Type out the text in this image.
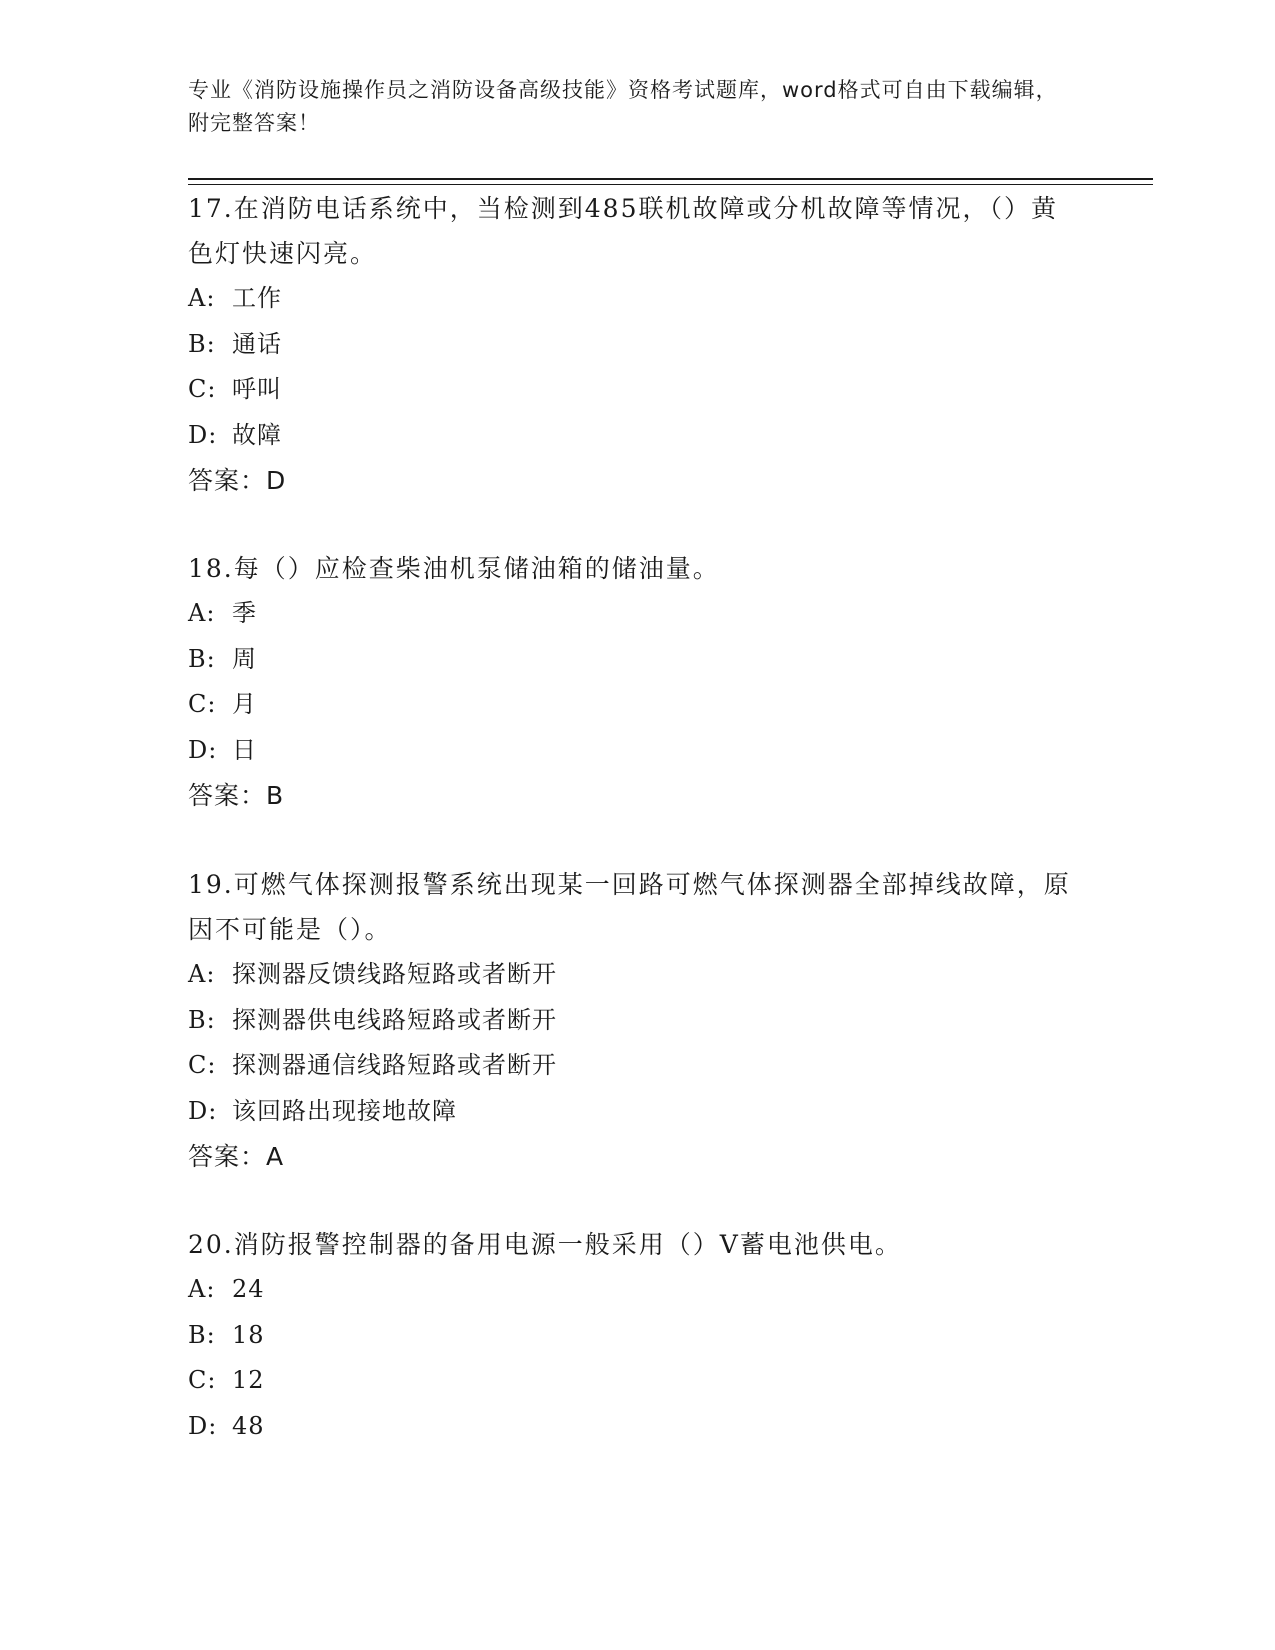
专业《消防设施操作员之消防设备高级技能》资格考试题库，word格式可自由下载编辑，附完整答案！

17.在消防电话系统中，当检测到485联机故障或分机故障等情况，（）黄色灯快速闪亮。

A: 工作
B: 通话
C: 呼叫
D: 故障
答案：D

18.每（）应检查柴油机泵储油箱的储油量。

A: 季
B: 周
C: 月
D: 日
答案：B

19.可燃气体探测报警系统出现某一回路可燃气体探测器全部掉线故障，原因不可能是（）。

A: 探测器反馈线路短路或者断开
B: 探测器供电线路短路或者断开
C: 探测器通信线路短路或者断开
D: 该回路出现接地故障
答案：A

20.消防报警控制器的备用电源一般采用（）V蓄电池供电。

A: 24
B: 18
C: 12
D: 48
